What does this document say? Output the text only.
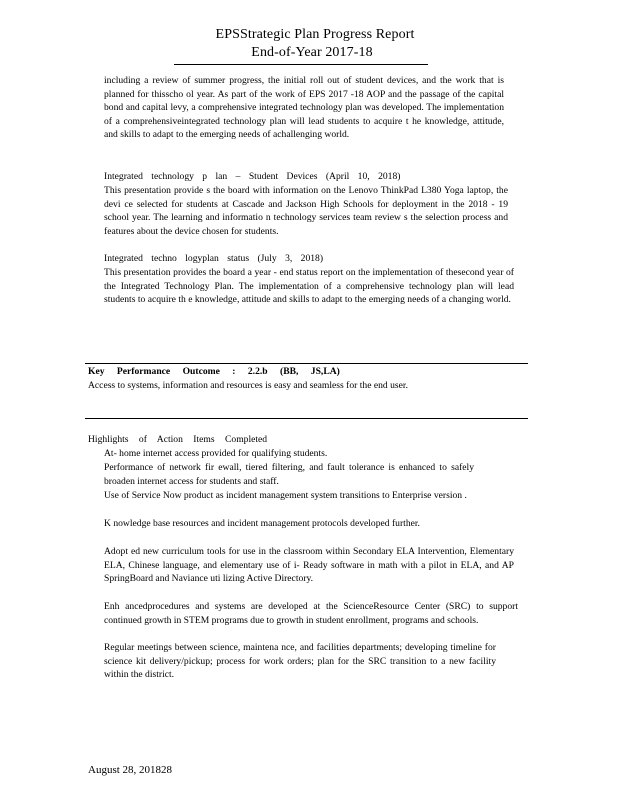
EPSStrategic Plan Progress Report
End-of-Year 2017-18
including a review of summer progress, the initial roll out of student devices, and the work that is planned for thisscho ol year. As part of the work of EPS 2017 -18 AOP and the passage of the capital bond and capital levy, a comprehensive integrated technology plan was developed. The implementation of a comprehensiveintegrated technology plan will lead students to acquire t he knowledge, attitude, and skills to adapt to the emerging needs of achallenging world.
Integrated technology p lan – Student Devices (April 10, 2018)
This presentation provide s the board with information on the Lenovo ThinkPad L380 Yoga laptop, the devi ce selected for students at Cascade and Jackson High Schools for deployment in the 2018 - 19 school year. The learning and informatio n technology services team review s the selection process and features about the device chosen for students.
Integrated techno logyplan status (July 3, 2018)
This presentation provides the board a year - end status report on the implementation of thesecond year of the Integrated Technology Plan. The implementation of a comprehensive technology plan will lead students to acquire th e knowledge, attitude and skills to adapt to the emerging needs of a changing world.
Key Performance Outcome : 2.2.b (BB, JS,LA)
Access to systems, information and resources is easy and seamless for the end user.
Highlights of Action Items Completed
At- home internet access provided for qualifying students.
Performance of network fir ewall, tiered filtering, and fault tolerance is enhanced to safely broaden internet access for students and staff.
Use of Service Now product as incident management system transitions to Enterprise version .
K nowledge base resources and incident management protocols developed further.
Adopt ed new curriculum tools for use in the classroom within Secondary ELA Intervention, Elementary ELA, Chinese language, and elementary use of i- Ready software in math with a pilot in ELA, and AP SpringBoard and Naviance uti lizing Active Directory.
Enh ancedprocedures and systems are developed at the ScienceResource Center (SRC) to support continued growth in STEM programs due to growth in student enrollment, programs and schools.
Regular meetings between science, maintena nce, and facilities departments; developing timeline for science kit delivery/pickup; process for work orders; plan for the SRC transition to a new facility within the district.
August 28, 201828
